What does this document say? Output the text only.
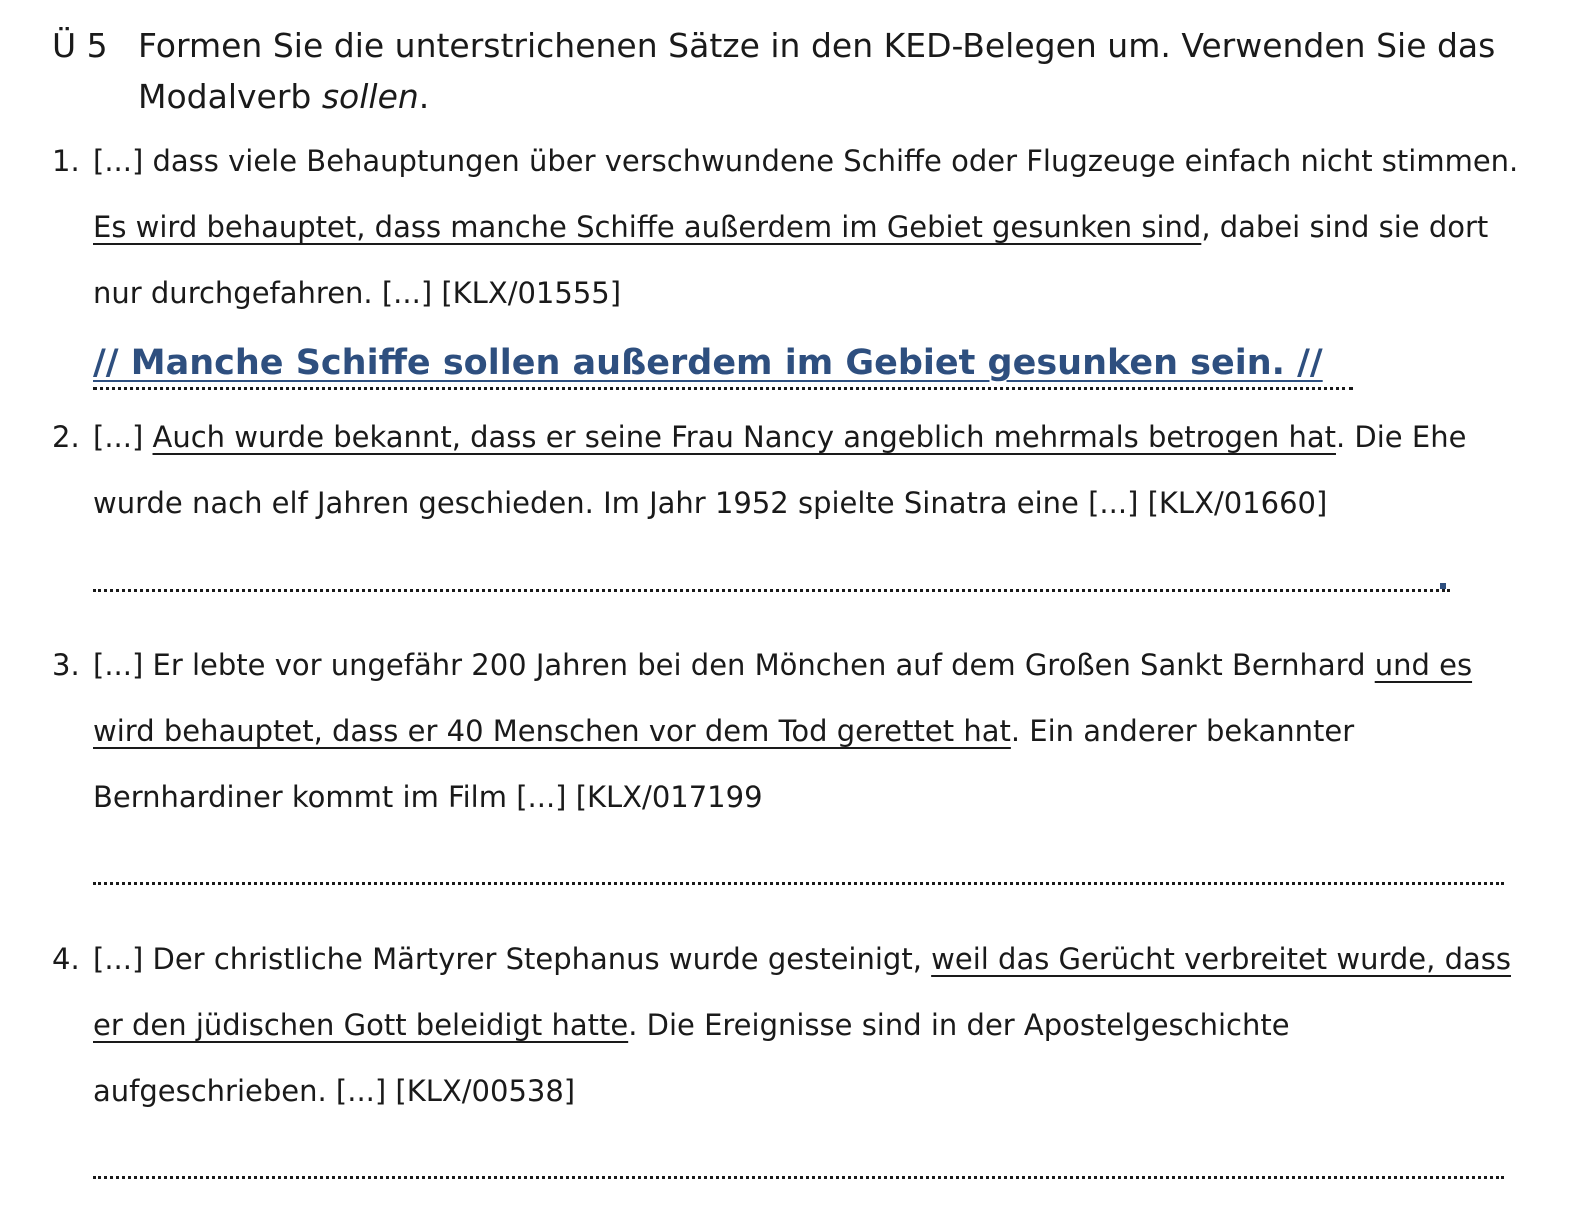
Ü 5 Formen Sie die unterstrichenen Sätze in den KED-Belegen um. Verwenden Sie das Modalverb sollen.
1. [...] dass viele Behauptungen über verschwundene Schiffe oder Flugzeuge einfach nicht stimmen. Es wird behauptet, dass manche Schiffe außerdem im Gebiet gesunken sind, dabei sind sie dort nur durchgefahren. [...] [KLX/01555]
// Manche Schiffe sollen außerdem im Gebiet gesunken sein. //
2. [...] Auch wurde bekannt, dass er seine Frau Nancy angeblich mehrmals betrogen hat. Die Ehe wurde nach elf Jahren geschieden. Im Jahr 1952 spielte Sinatra eine [...] [KLX/01660]
3. [...] Er lebte vor ungefähr 200 Jahren bei den Mönchen auf dem Großen Sankt Bernhard und es wird behauptet, dass er 40 Menschen vor dem Tod gerettet hat. Ein anderer bekannter Bernhardiner kommt im Film [...] [KLX/017199
4. [...] Der christliche Märtyrer Stephanus wurde gesteinigt, weil das Gerücht verbreitet wurde, dass er den jüdischen Gott beleidigt hatte. Die Ereignisse sind in der Apostelgeschichte aufgeschrieben. [...] [KLX/00538]
